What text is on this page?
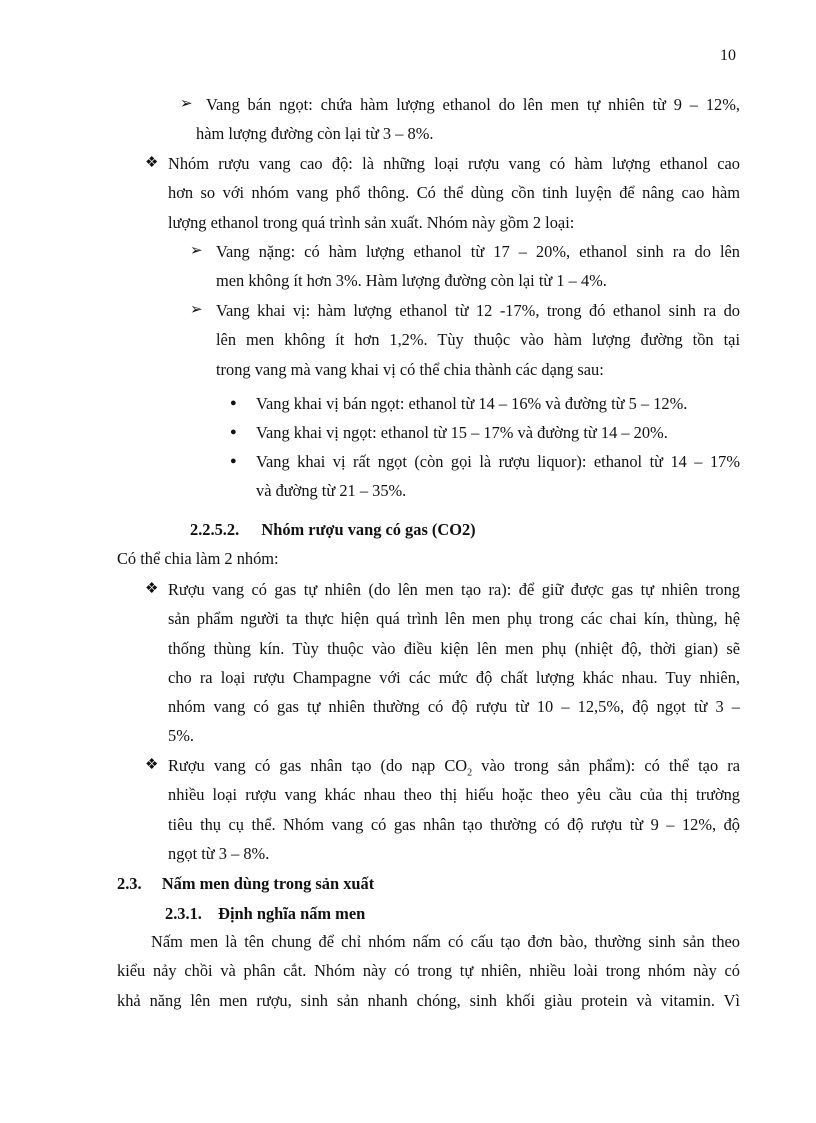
10
➢ Vang bán ngọt: chứa hàm lượng ethanol do lên men tự nhiên từ 9 – 12%,
hàm lượng đường còn lại từ 3 – 8%.
❖ Nhóm rượu vang cao độ: là những loại rượu vang có hàm lượng ethanol cao
hơn so với nhóm vang phổ thông. Có thể dùng cồn tinh luyện để nâng cao hàm
lượng ethanol trong quá trình sản xuất. Nhóm này gồm 2 loại:
➢ Vang nặng: có hàm lượng ethanol từ 17 – 20%, ethanol sinh ra do lên
men không ít hơn 3%. Hàm lượng đường còn lại từ 1 – 4%.
➢ Vang khai vị: hàm lượng ethanol từ 12 -17%, trong đó ethanol sinh ra do
lên men không ít hơn 1,2%. Tùy thuộc vào hàm lượng đường tồn tại
trong vang mà vang khai vị có thể chia thành các dạng sau:
● Vang khai vị bán ngọt: ethanol từ 14 – 16% và đường từ 5 – 12%.
● Vang khai vị ngọt: ethanol từ 15 – 17% và đường từ 14 – 20%.
● Vang khai vị rất ngọt (còn gọi là rượu liquor): ethanol từ 14 – 17%
và đường từ 21 – 35%.
2.2.5.2. Nhóm rượu vang có gas (CO2)
Có thể chia làm 2 nhóm:
❖ Rượu vang có gas tự nhiên (do lên men tạo ra): để giữ được gas tự nhiên trong
sản phẩm người ta thực hiện quá trình lên men phụ trong các chai kín, thùng, hệ
thống thùng kín. Tùy thuộc vào điều kiện lên men phụ (nhiệt độ, thời gian) sẽ
cho ra loại rượu Champagne với các mức độ chất lượng khác nhau. Tuy nhiên,
nhóm vang có gas tự nhiên thường có độ rượu từ 10 – 12,5%, độ ngọt từ 3 –
5%.
❖ Rượu vang có gas nhân tạo (do nạp $CO_2$ vào trong sản phẩm): có thể tạo ra
nhiều loại rượu vang khác nhau theo thị hiếu hoặc theo yêu cầu của thị trường
tiêu thụ cụ thể. Nhóm vang có gas nhân tạo thường có độ rượu từ 9 – 12%, độ
ngọt từ 3 – 8%.
2.3. Nấm men dùng trong sản xuất
2.3.1. Định nghĩa nấm men
Nấm men là tên chung để chỉ nhóm nấm có cấu tạo đơn bào, thường sinh sản theo
kiểu nảy chồi và phân cắt. Nhóm này có trong tự nhiên, nhiều loài trong nhóm này có
khả năng lên men rượu, sinh sản nhanh chóng, sinh khối giàu protein và vitamin. Vì
